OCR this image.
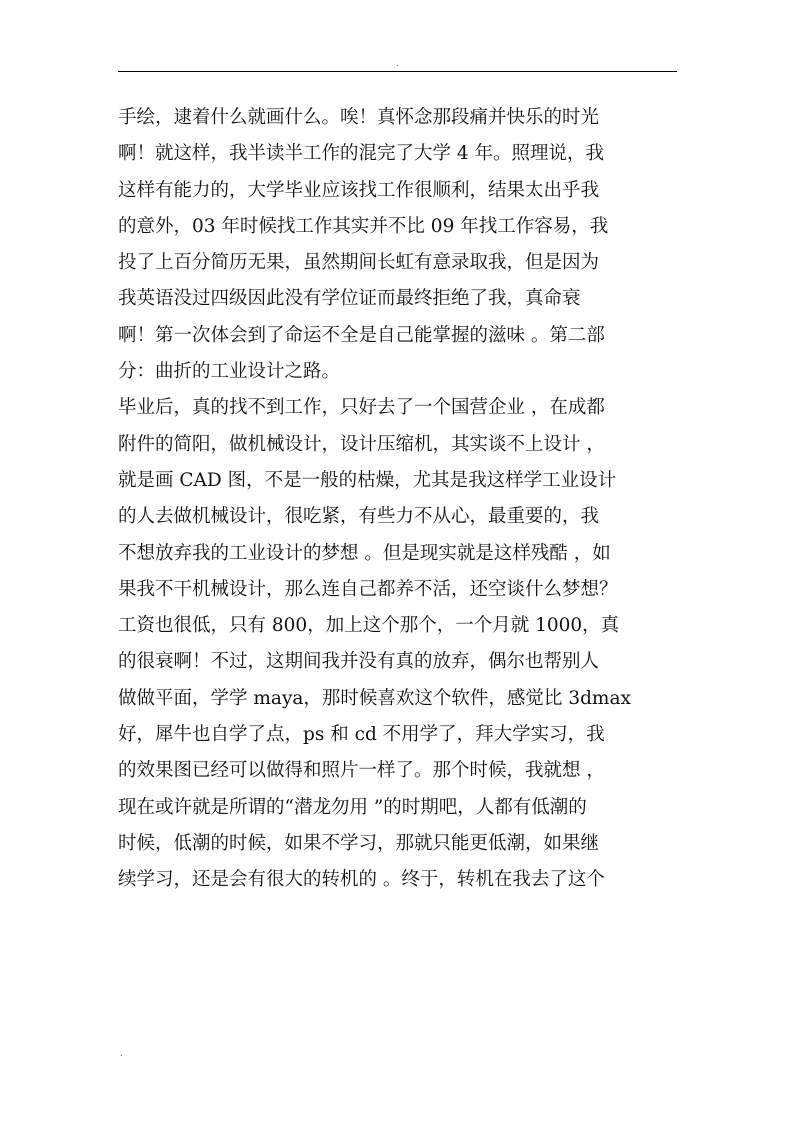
.
手绘，逮着什么就画什么。唉！真怀念那段痛并快乐的时光
啊！就这样，我半读半工作的混完了大学 4 年。照理说，我
这样有能力的，大学毕业应该找工作很顺利，结果太出乎我
的意外，03 年时候找工作其实并不比 09 年找工作容易，我
投了上百分简历无果，虽然期间长虹有意录取我，但是因为
我英语没过四级因此没有学位证而最终拒绝了我，真命衰
啊！第一次体会到了命运不全是自己能掌握的滋味 。第二部
分：曲折的工业设计之路。
毕业后，真的找不到工作，只好去了一个国营企业 ，在成都
附件的简阳，做机械设计，设计压缩机，其实谈不上设计 ，
就是画 CAD 图，不是一般的枯燥，尤其是我这样学工业设计
的人去做机械设计，很吃紧，有些力不从心，最重要的，我
不想放弃我的工业设计的梦想 。但是现实就是这样残酷 ，如
果我不干机械设计，那么连自己都养不活，还空谈什么梦想？
工资也很低，只有 800，加上这个那个，一个月就 1000，真
的很衰啊！不过，这期间我并没有真的放弃，偶尔也帮别人
做做平面，学学 maya，那时候喜欢这个软件，感觉比 3dmax
好，犀牛也自学了点，ps 和 cd 不用学了，拜大学实习，我
的效果图已经可以做得和照片一样了。那个时候，我就想 ，
现在或许就是所谓的“潜龙勿用 ”的时期吧，人都有低潮的
时候，低潮的时候，如果不学习，那就只能更低潮，如果继
续学习，还是会有很大的转机的 。终于，转机在我去了这个
.
